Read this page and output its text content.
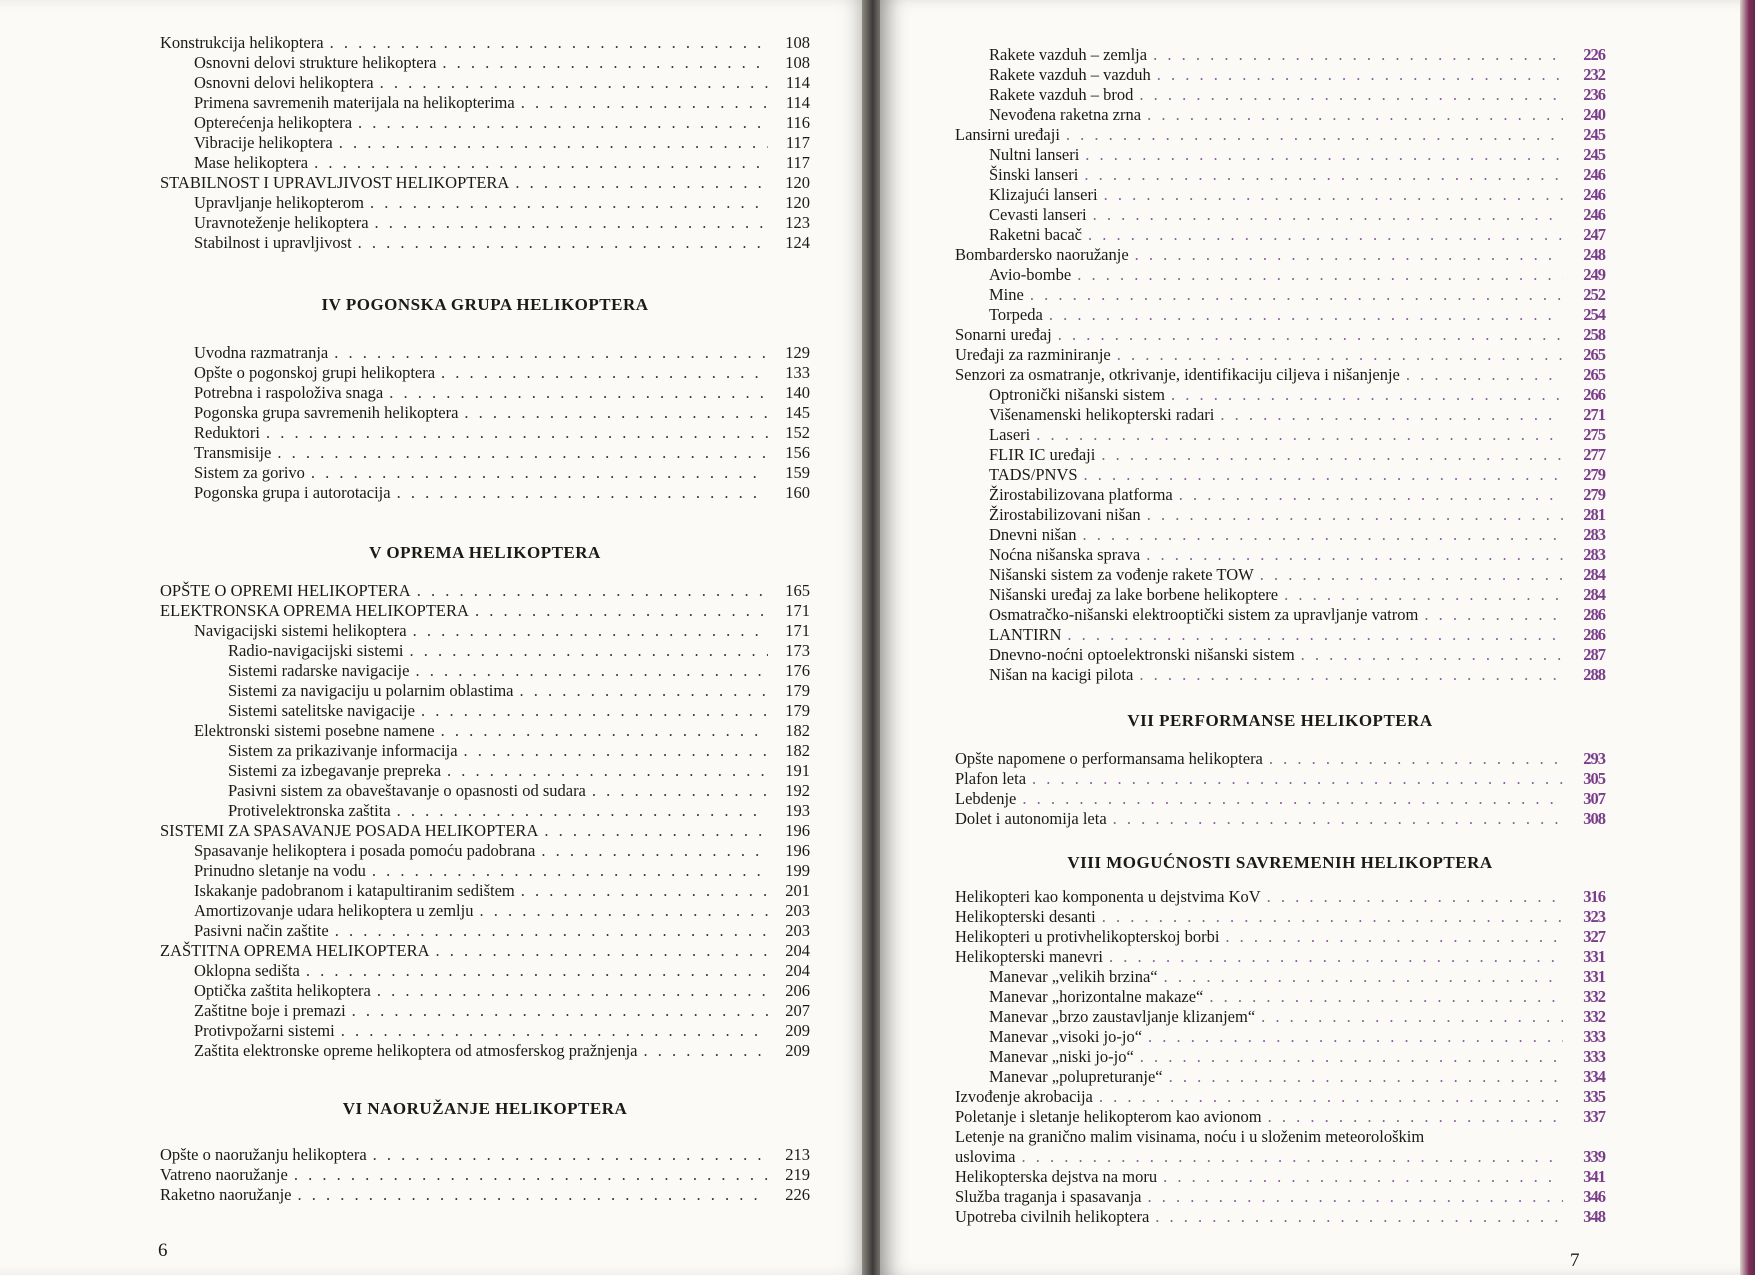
Konstrukcija helikoptera . . .	108
Osnovni delovi strukture helikoptera . . .	108
Osnovni delovi helikoptera . . .	114
Primena savremenih materijala na helikopterima . . .	114
Opterećenja helikoptera . . .	116
Vibracije helikoptera . . .	117
Mase helikoptera . . .	117
STABILNOST I UPRAVLJIVOST HELIKOPTERA . . .	120
Upravljanje helikopterom . . .	120
Uravnoteženje helikoptera . . .	123
Stabilnost i upravljivost . . .	124
IV POGONSKA GRUPA HELIKOPTERA
Uvodna razmatranja . . .	129
Opšte o pogonskoj grupi helikoptera . . .	133
Potrebna i raspoloživa snaga . . .	140
Pogonska grupa savremenih helikoptera . . .	145
Reduktori . . .	152
Transmisije . . .	156
Sistem za gorivo . . .	159
Pogonska grupa i autorotacija . . .	160
V OPREMA HELIKOPTERA
OPŠTE O OPREMI HELIKOPTERA . . .	165
ELEKTRONSKA OPREMA HELIKOPTERA . . .	171
Navigacijski sistemi helikoptera . . .	171
Radio-navigacijski sistemi . . .	173
Sistemi radarske navigacije . . .	176
Sistemi za navigaciju u polarnim oblastima . . .	179
Sistemi satelitske navigacije . . .	179
Elektronski sistemi posebne namene . . .	182
Sistem za prikazivanje informacija . . .	182
Sistemi za izbegavanje prepreka . . .	191
Pasivni sistem za obaveštavanje o opasnosti od sudara . . .	192
Protivelektronska zaštita . . .	193
SISTEMI ZA SPASAVANJE POSADA HELIKOPTERA . . .	196
Spasavanje helikoptera i posada pomoću padobrana . . .	196
Prinudno sletanje na vodu . . .	199
Iskakanje padobranom i katapultiranim sedištem . . .	201
Amortizovanje udara helikoptera u zemlju . . .	203
Pasivni način zaštite . . .	203
ZAŠTITNA OPREMA HELIKOPTERA . . .	204
Oklopna sedišta . . .	204
Optička zaštita helikoptera . . .	206
Zaštitne boje i premazi . . .	207
Protivpožarni sistemi . . .	209
Zaštita elektronske opreme helikoptera od atmosferskog pražnjenja . . .	209
VI NAORUŽANJE HELIKOPTERA
Opšte o naoružanju helikoptera . . .	213
Vatreno naoružanje . . .	219
Raketno naoružanje . . .	226
6
Rakete vazduh – zemlja . . .	226
Rakete vazduh – vazduh . . .	232
Rakete vazduh – brod . . .	236
Nevođena raketna zrna . . .	240
Lansirni uređaji . . .	245
Nultni lanseri . . .	245
Šinski lanseri . . .	246
Klizajući lanseri . . .	246
Cevasti lanseri . . .	246
Raketni bacač . . .	247
Bombardersko naoružanje . . .	248
Avio-bombe . . .	249
Mine . . .	252
Torpeda . . .	254
Sonarni uređaj . . .	258
Uređaji za razminiranje . . .	265
Senzori za osmatranje, otkrivanje, identifikaciju ciljeva i nišanjenje . . .	265
Optronički nišanski sistem . . .	266
Višenamenski helikopterski radari . . .	271
Laseri . . .	275
FLIR IC uređaji . . .	277
TADS/PNVS . . .	279
Žirostabilizovana platforma . . .	279
Žirostabilizovani nišan . . .	281
Dnevni nišan . . .	283
Noćna nišanska sprava . . .	283
Nišanski sistem za vođenje rakete TOW . . .	284
Nišanski uređaj za lake borbene helikoptere . . .	284
Osmatračko-nišanski elektrooptički sistem za upravljanje vatrom . . .	286
LANTIRN . . .	286
Dnevno-noćni optoelektronski nišanski sistem . . .	287
Nišan na kacigi pilota . . .	288
VII PERFORMANSE HELIKOPTERA
Opšte napomene o performansama helikoptera . . .	293
Plafon leta . . .	305
Lebdenje . . .	307
Dolet i autonomija leta . . .	308
VIII MOGUĆNOSTI SAVREMENIH HELIKOPTERA
Helikopteri kao komponenta u dejstvima KoV . . .	316
Helikopterski desanti . . .	323
Helikopteri u protivhelikopterskoj borbi . . .	327
Helikopterski manevri . . .	331
Manevar „velikih brzina“ . . .	331
Manevar „horizontalne makaze“ . . .	332
Manevar „brzo zaustavljanje klizanjem“ . . .	332
Manevar „visoki jo-jo“ . . .	333
Manevar „niski jo-jo“ . . .	333
Manevar „polupreturanje“ . . .	334
Izvođenje akrobacija . . .	335
Poletanje i sletanje helikopterom kao avionom . . .	337
Letenje na granično malim visinama, noću i u složenim meteorološkim
uslovima . . .	339
Helikopterska dejstva na moru . . .	341
Služba traganja i spasavanja . . .	346
Upotreba civilnih helikoptera . . .	348
7
